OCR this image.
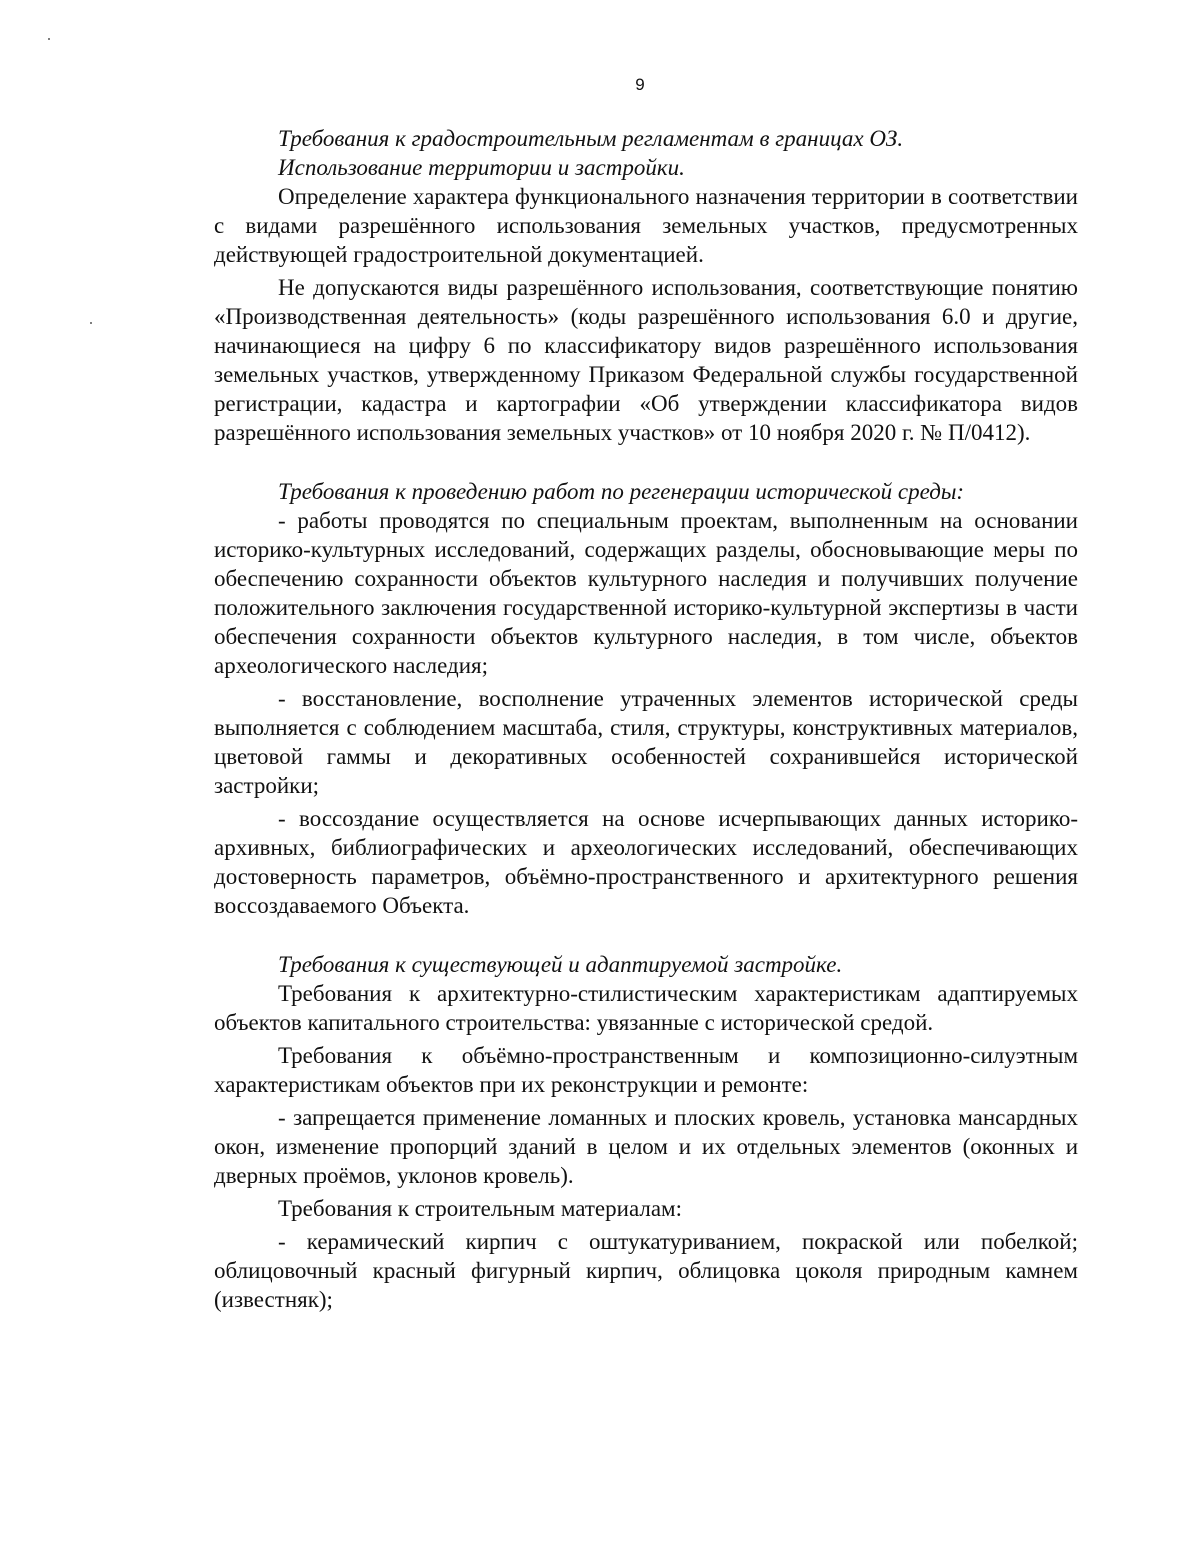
9

Требования к градостроительным регламентам в границах ОЗ.

Использование территории и застройки.

Определение характера функционального назначения территории в соответствии с видами разрешённого использования земельных участков, предусмотренных действующей градостроительной документацией.

Не допускаются виды разрешённого использования, соответствующие понятию «Производственная деятельность» (коды разрешённого использования 6.0 и другие, начинающиеся на цифру 6 по классификатору видов разрешённого использования земельных участков, утвержденному Приказом Федеральной службы государственной регистрации, кадастра и картографии «Об утверждении классификатора видов разрешённого использования земельных участков» от 10 ноября 2020 г. № П/0412).

Требования к проведению работ по регенерации исторической среды:

- работы проводятся по специальным проектам, выполненным на основании историко-культурных исследований, содержащих разделы, обосновывающие меры по обеспечению сохранности объектов культурного наследия и получивших получение положительного заключения государственной историко-культурной экспертизы в части обеспечения сохранности объектов культурного наследия, в том числе, объектов археологического наследия;

- восстановление, восполнение утраченных элементов исторической среды выполняется с соблюдением масштаба, стиля, структуры, конструктивных материалов, цветовой гаммы и декоративных особенностей сохранившейся исторической застройки;

- воссоздание осуществляется на основе исчерпывающих данных историко-архивных, библиографических и археологических исследований, обеспечивающих достоверность параметров, объёмно-пространственного и архитектурного решения воссоздаваемого Объекта.

Требования к существующей и адаптируемой застройке.

Требования к архитектурно-стилистическим характеристикам адаптируемых объектов капитального строительства: увязанные с исторической средой.

Требования к объёмно-пространственным и композиционно-силуэтным характеристикам объектов при их реконструкции и ремонте:

- запрещается применение ломанных и плоских кровель, установка мансардных окон, изменение пропорций зданий в целом и их отдельных элементов (оконных и дверных проёмов, уклонов кровель).

Требования к строительным материалам:

- керамический кирпич с оштукатуриванием, покраской или побелкой; облицовочный красный фигурный кирпич, облицовка цоколя природным камнем (известняк);
